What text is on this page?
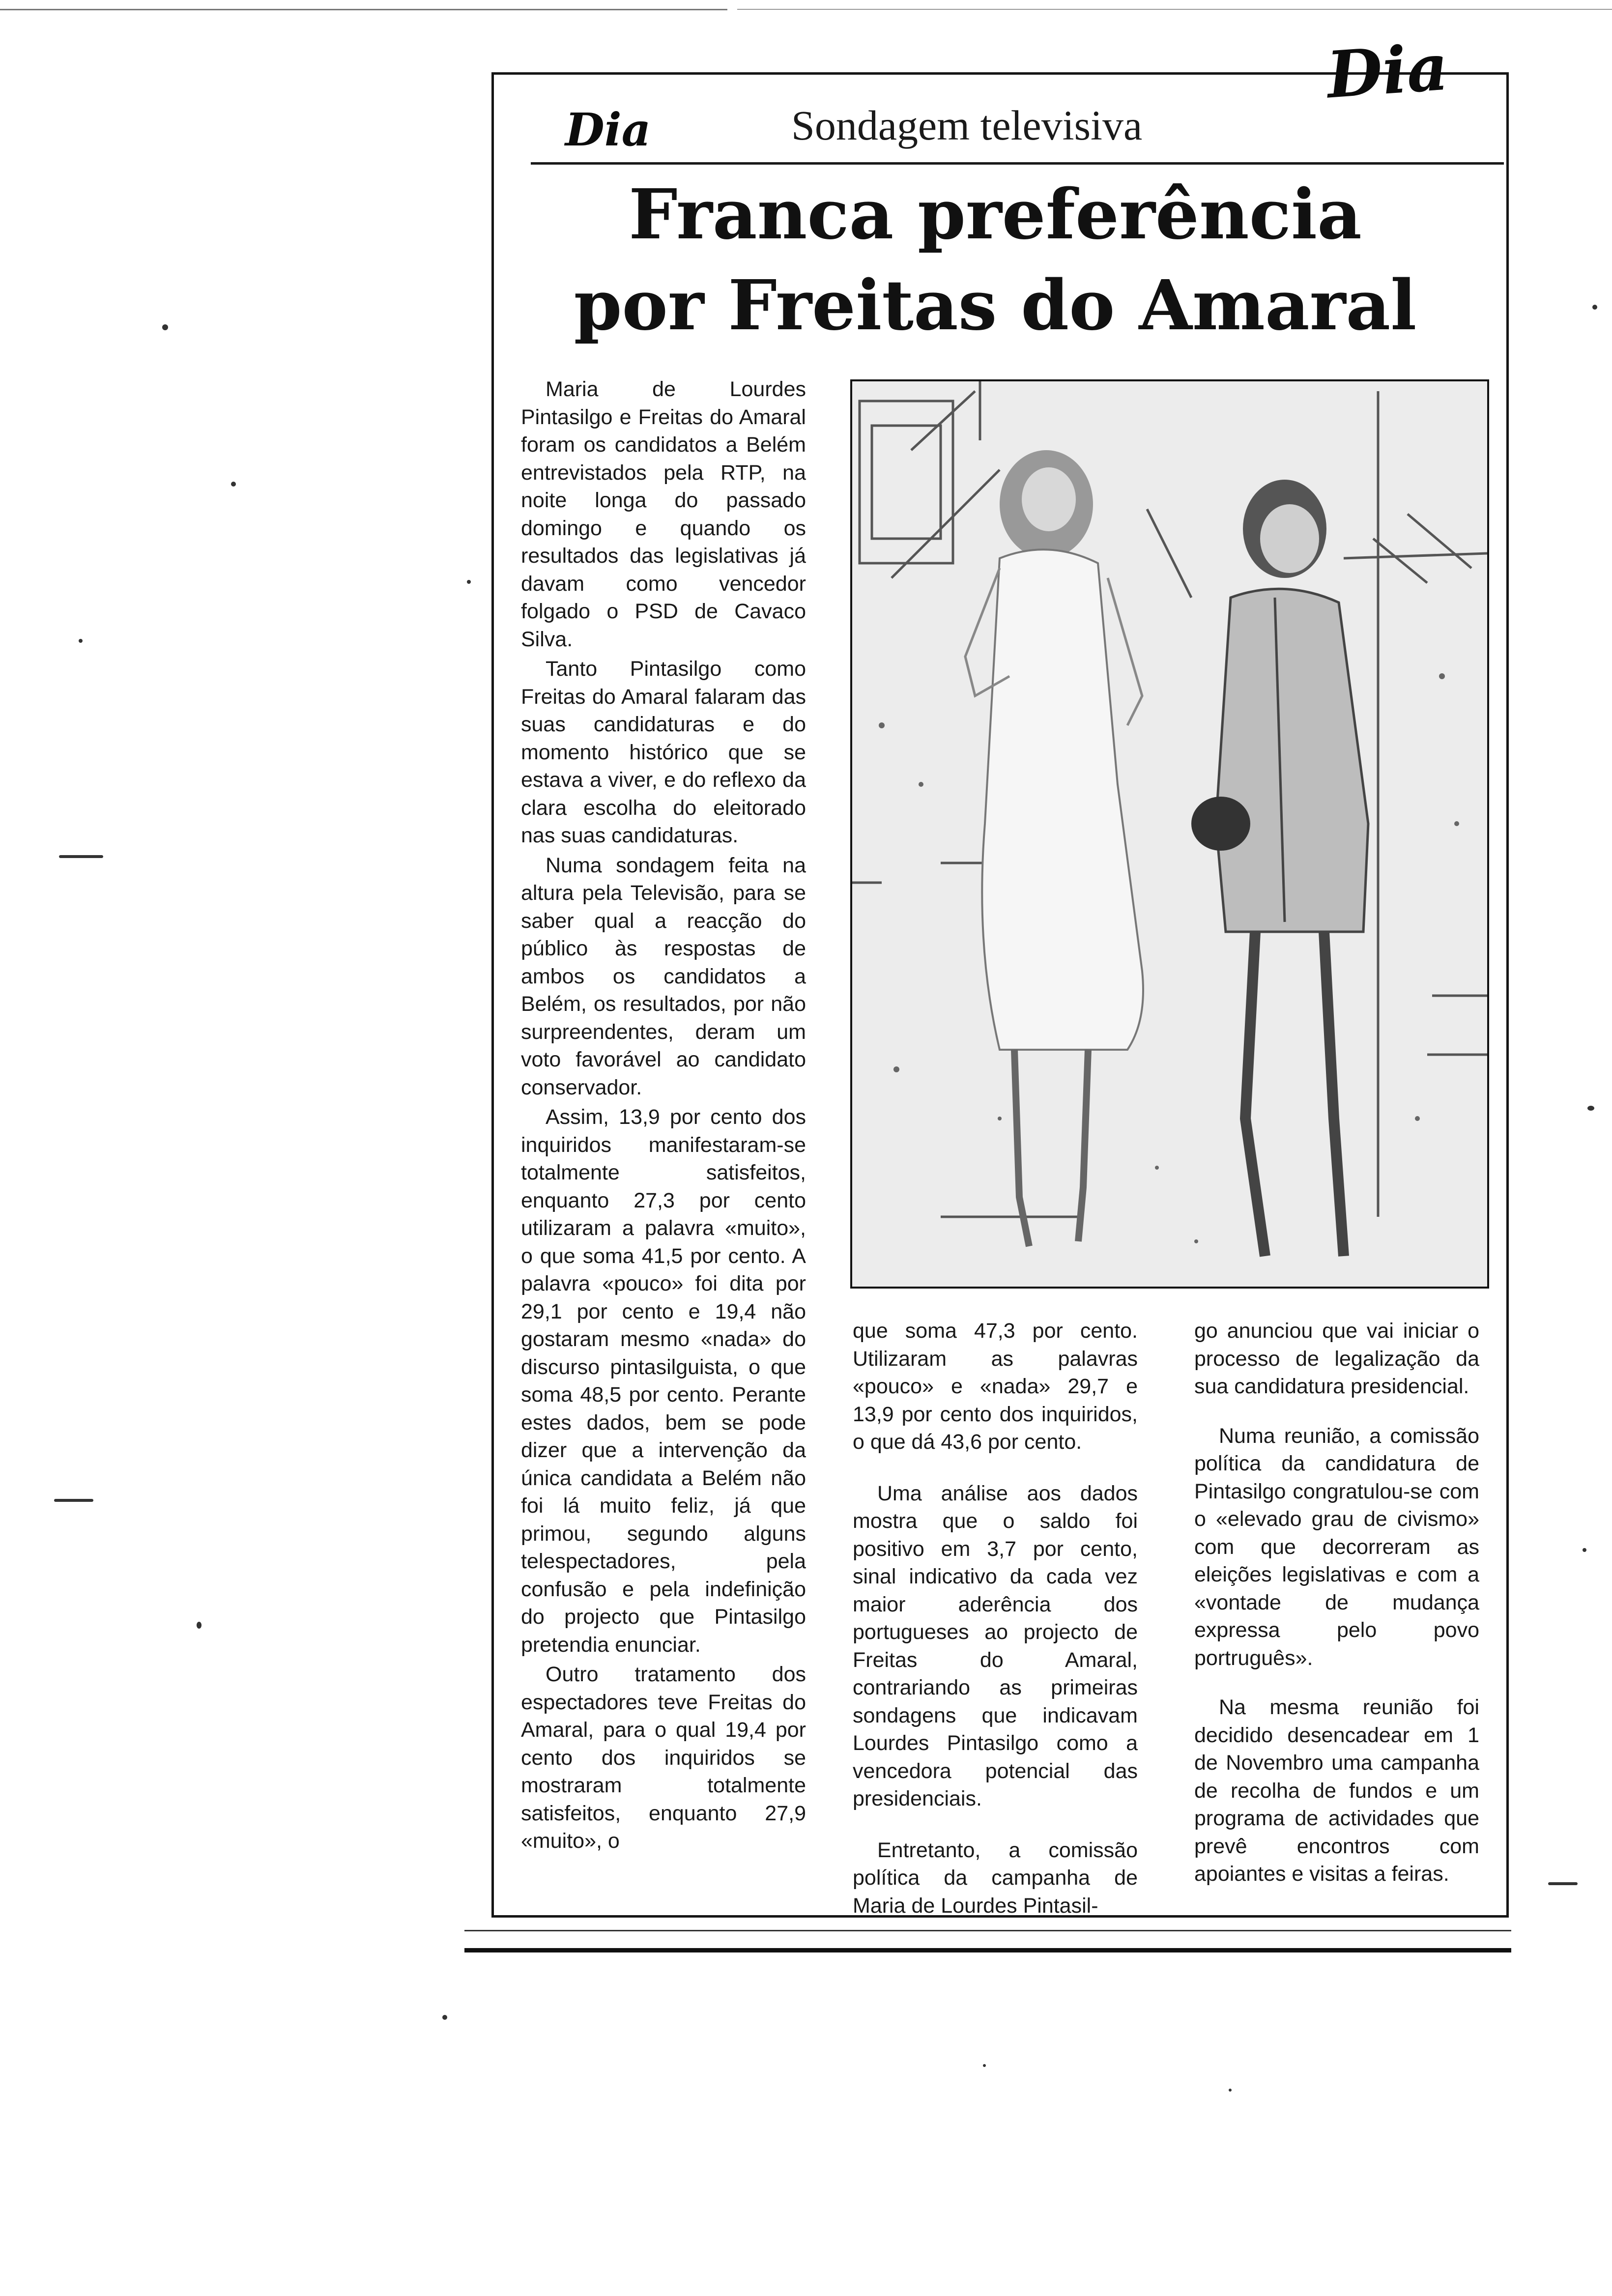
Dia
Dia	Sondagem televisiva
Franca preferência
por Freitas do Amaral

Maria de Lourdes Pintasilgo e Freitas do Amaral foram os candidatos a Belém entrevistados pela RTP, na noite longa do passado domingo e quando os resultados das legislativas já davam como vencedor folgado o PSD de Cavaco Silva.

Tanto Pintasilgo como Freitas do Amaral falaram das suas candidaturas e do momento histórico que se estava a viver, e do reflexo da clara escolha do eleitorado nas suas candidaturas.

Numa sondagem feita na altura pela Televisão, para se saber qual a reacção do público às respostas de ambos os candidatos a Belém, os resultados, por não surpreendentes, deram um voto favorável ao candidato conservador.

Assim, 13,9 por cento dos inquiridos manifestaram-se totalmente satisfeitos, enquanto 27,3 por cento utilizaram a palavra «muito», o que soma 41,5 por cento. A palavra «pouco» foi dita por 29,1 por cento e 19,4 não gostaram mesmo «nada» do discurso pintasilguista, o que soma 48,5 por cento. Perante estes dados, bem se pode dizer que a intervenção da única candidata a Belém não foi lá muito feliz, já que primou, segundo alguns telespectadores, pela confusão e pela indefinição do projecto que Pintasilgo pretendia enunciar.

Outro tratamento dos espectadores teve Freitas do Amaral, para o qual 19,4 por cento dos inquiridos se mostraram totalmente satisfeitos, enquanto 27,9 «muito», o

que soma 47,3 por cento. Utilizaram as palavras «pouco» e «nada» 29,7 e 13,9 por cento dos inquiridos, o que dá 43,6 por cento.

Uma análise aos dados mostra que o saldo foi positivo em 3,7 por cento, sinal indicativo da cada vez maior aderência dos portugueses ao projecto de Freitas do Amaral, contrariando as primeiras sondagens que indicavam Lourdes Pintasilgo como a vencedora potencial das presidenciais.

Entretanto, a comissão política da campanha de Maria de Lourdes Pintasil-

go anunciou que vai iniciar o processo de legalização da sua candidatura presidencial.

Numa reunião, a comissão política da candidatura de Pintasilgo congratulou-se com o «elevado grau de civismo» com que decorreram as eleições legislativas e com a «vontade de mudança expressa pelo povo portruguês».

Na mesma reunião foi decidido desencadear em 1 de Novembro uma campanha de recolha de fundos e um programa de actividades que prevê encontros com apoiantes e visitas a feiras.
